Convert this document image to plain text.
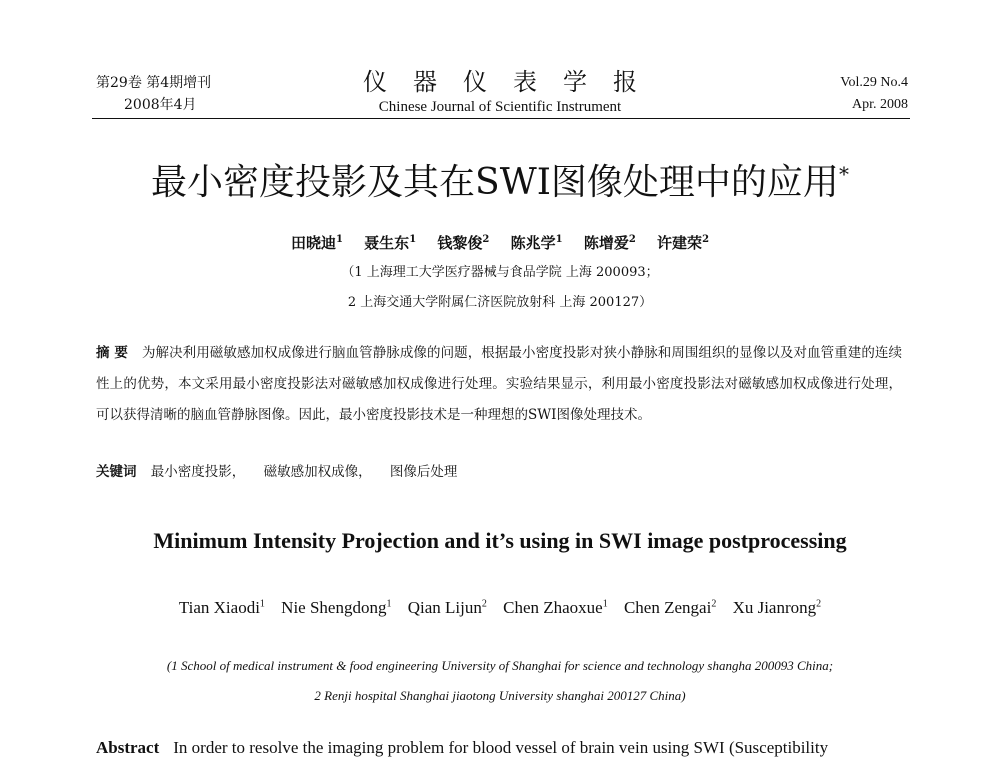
第29卷 第4期增刊
2008年4月
仪器仪表学报
Chinese Journal of Scientific Instrument
Vol.29 No.4
Apr. 2008
最小密度投影及其在SWI图像处理中的应用*
田晓迪$^1$ 聂生东$^1$ 钱黎俊$^2$ 陈兆学$^1$ 陈增爱$^2$ 许建荣$^2$
（1 上海理工大学医疗器械与食品学院 上海 200093；
2 上海交通大学附属仁济医院放射科 上海 200127）
摘 要 为解决利用磁敏感加权成像进行脑血管静脉成像的问题，根据最小密度投影对狭小静脉和周围组织的显像以及对血管重建的连续性上的优势，本文采用最小密度投影法对磁敏感加权成像进行处理。实验结果显示，利用最小密度投影法对磁敏感加权成像进行处理，可以获得清晰的脑血管静脉图像。因此，最小密度投影技术是一种理想的SWI图像处理技术。
关键词 最小密度投影， 磁敏感加权成像， 图像后处理
Minimum Intensity Projection and it’s using in SWI image postprocessing
Tian Xiaodi$^1$ Nie Shengdong$^1$ Qian Lijun$^2$ Chen Zhaoxue$^1$ Chen Zengai$^2$ Xu Jianrong$^2$
(1 School of medical instrument & food engineering University of Shanghai for science and technology shangha 200093 China;
2 Renji hospital Shanghai jiaotong University shanghai 200127 China)
Abstract In order to resolve the imaging problem for blood vessel of brain vein using SWI (Susceptibility
